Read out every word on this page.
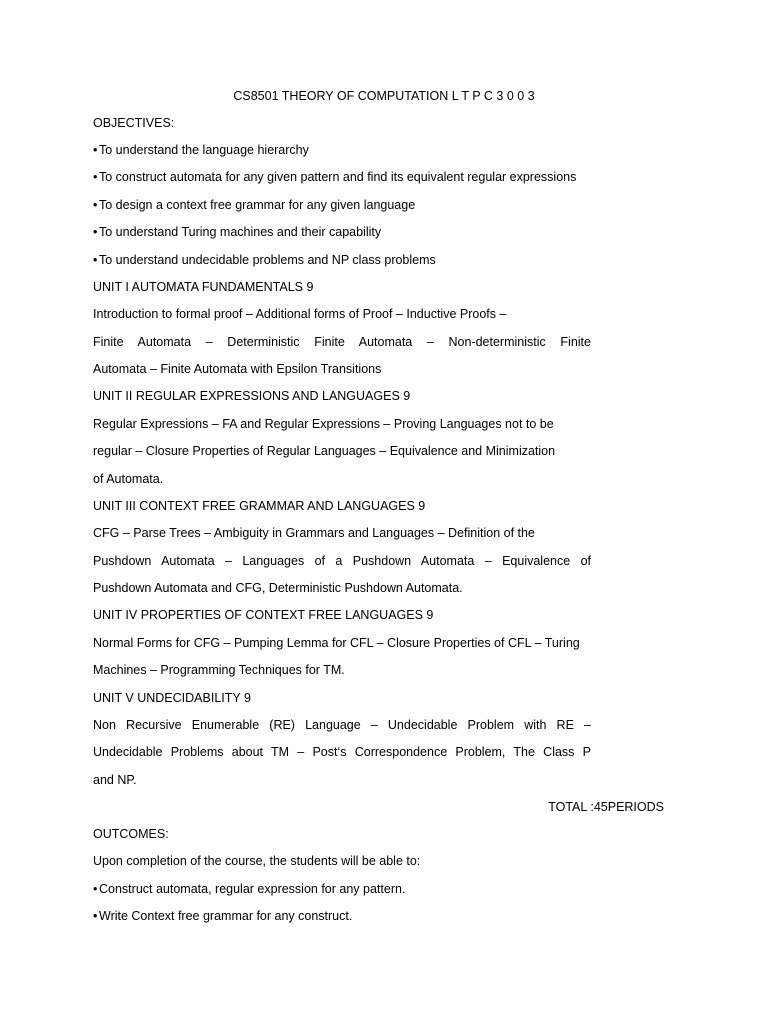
CS8501 THEORY OF COMPUTATION L T P C 3 0 0 3
OBJECTIVES:
• To understand the language hierarchy
• To construct automata for any given pattern and find its equivalent regular expressions
• To design a context free grammar for any given language
• To understand Turing machines and their capability
• To understand undecidable problems and NP class problems
UNIT I AUTOMATA FUNDAMENTALS 9
Introduction to formal proof – Additional forms of Proof – Inductive Proofs –
Finite Automata – Deterministic Finite Automata – Non-deterministic Finite
Automata – Finite Automata with Epsilon Transitions
UNIT II REGULAR EXPRESSIONS AND LANGUAGES 9
Regular Expressions – FA and Regular Expressions – Proving Languages not to be
regular – Closure Properties of Regular Languages – Equivalence and Minimization
of Automata.
UNIT III CONTEXT FREE GRAMMAR AND LANGUAGES 9
CFG – Parse Trees – Ambiguity in Grammars and Languages – Definition of the
Pushdown Automata – Languages of a Pushdown Automata – Equivalence of
Pushdown Automata and CFG, Deterministic Pushdown Automata.
UNIT IV PROPERTIES OF CONTEXT FREE LANGUAGES 9
Normal Forms for CFG – Pumping Lemma for CFL – Closure Properties of CFL – Turing
Machines – Programming Techniques for TM.
UNIT V UNDECIDABILITY 9
Non Recursive Enumerable (RE) Language – Undecidable Problem with RE –
Undecidable Problems about TM – Post‘s Correspondence Problem, The Class P
and NP.
TOTAL :45PERIODS
OUTCOMES:
Upon completion of the course, the students will be able to:
• Construct automata, regular expression for any pattern.
• Write Context free grammar for any construct.
